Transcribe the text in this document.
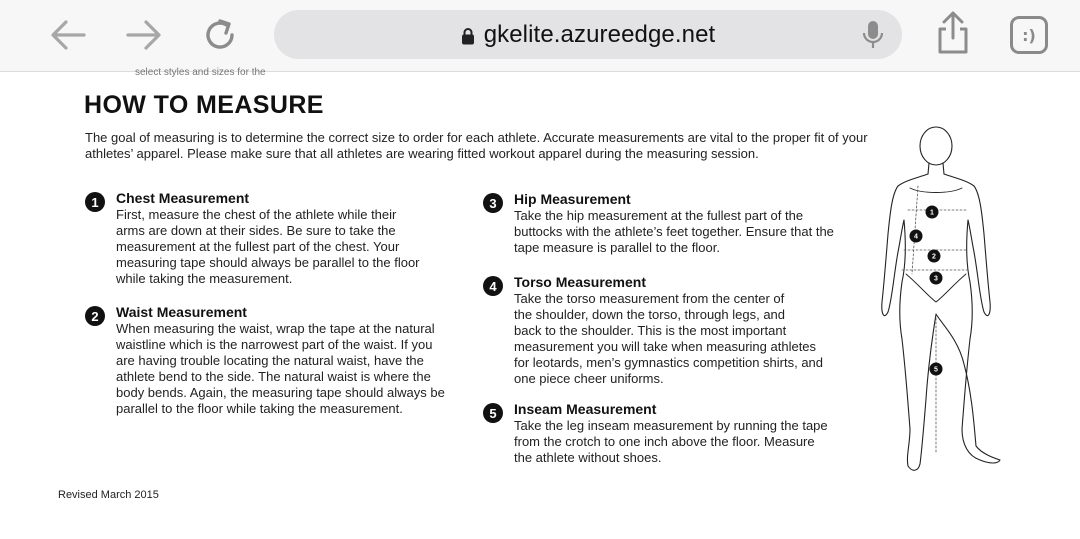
gkelite.azureedge.net	:)
select styles and sizes for the
HOW TO MEASURE
The goal of measuring is to determine the correct size to order for each athlete. Accurate measurements are vital to the proper fit of your athletes’ apparel. Please make sure that all athletes are wearing fitted workout apparel during the measuring session.
1	Chest Measurement
First, measure the chest of the athlete while their
arms are down at their sides. Be sure to take the
measurement at the fullest part of the chest. Your
measuring tape should always be parallel to the floor
while taking the measurement.
2	Waist Measurement
When measuring the waist, wrap the tape at the natural
waistline which is the narrowest part of the waist. If you
are having trouble locating the natural waist, have the
athlete bend to the side. The natural waist is where the
body bends. Again, the measuring tape should always be
parallel to the floor while taking the measurement.
3	Hip Measurement
Take the hip measurement at the fullest part of the
buttocks with the athlete’s feet together. Ensure that the
tape measure is parallel to the floor.
4	Torso Measurement
Take the torso measurement from the center of
the shoulder, down the torso, through legs, and
back to the shoulder. This is the most important
measurement you will take when measuring athletes
for leotards, men’s gymnastics competition shirts, and
one piece cheer uniforms.
5	Inseam Measurement
Take the leg inseam measurement by running the tape
from the crotch to one inch above the floor. Measure
the athlete without shoes.
1
4
2
3
5
Revised March 2015
